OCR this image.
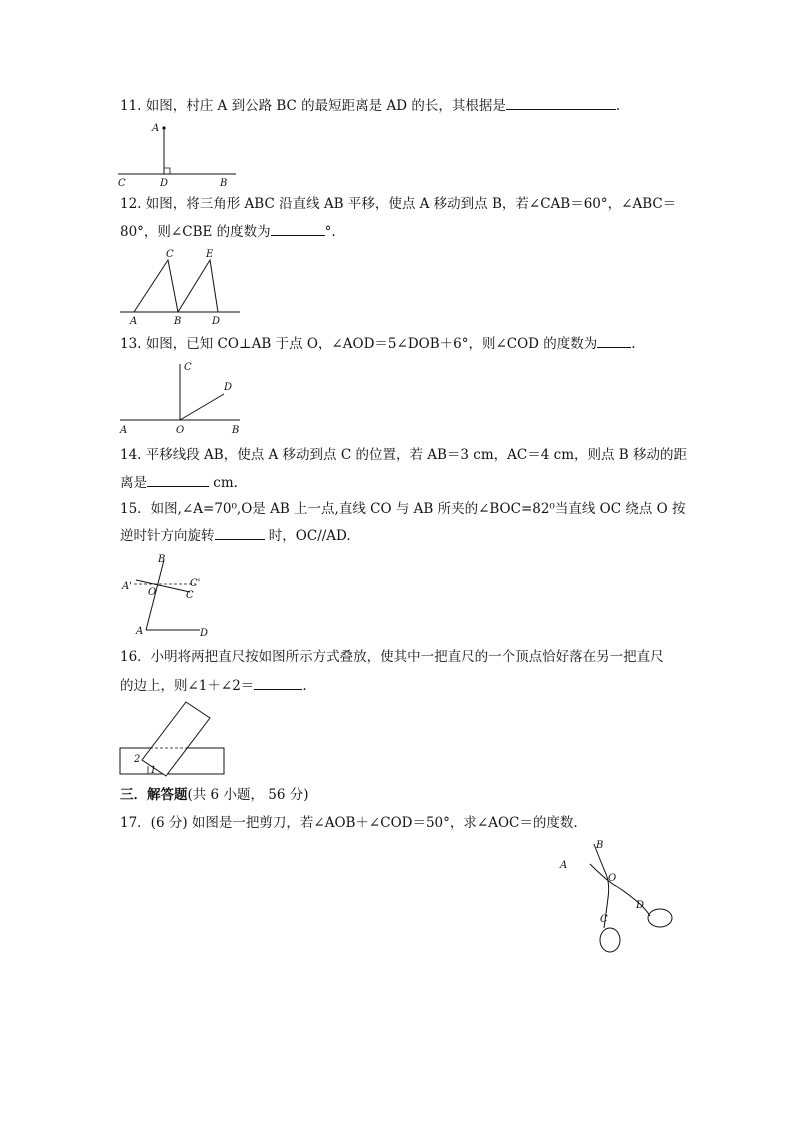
11. 如图，村庄 A 到公路 BC 的最短距离是 AD 的长，其根据是	.
A
C	D	B
12. 如图，将三角形 ABC 沿直线 AB 平移，使点 A 移动到点 B，若∠CAB＝60°，∠ABC＝
80°，则∠CBE 的度数为	°.
C	E
A	B	D
13. 如图，已知 CO⊥AB 于点 O，∠AOD＝5∠DOB＋6°，则∠COD 的度数为	.
C
D
A	O	B
14. 平移线段 AB，使点 A 移动到点 C 的位置，若 AB＝3 cm，AC＝4 cm，则点 B 移动的距
离是	cm.
15．如图,∠A=70⁰,O是 AB 上一点,直线 CO 与 AB 所夹的∠BOC=82⁰当直线 OC 绕点 O 按
逆时针方向旋转	时，OC//AD.
B
A'	C'
O	C
A	D
16．小明将两把直尺按如图所示方式叠放，使其中一把直尺的一个顶点恰好落在另一把直尺
的边上，则∠1＋∠2＝	.
2
1
三．解答题(共 6 小题， 56 分)
17．(6 分) 如图是一把剪刀，若∠AOB＋∠COD＝50°，求∠AOC＝的度数.
A
B
O
D
C
